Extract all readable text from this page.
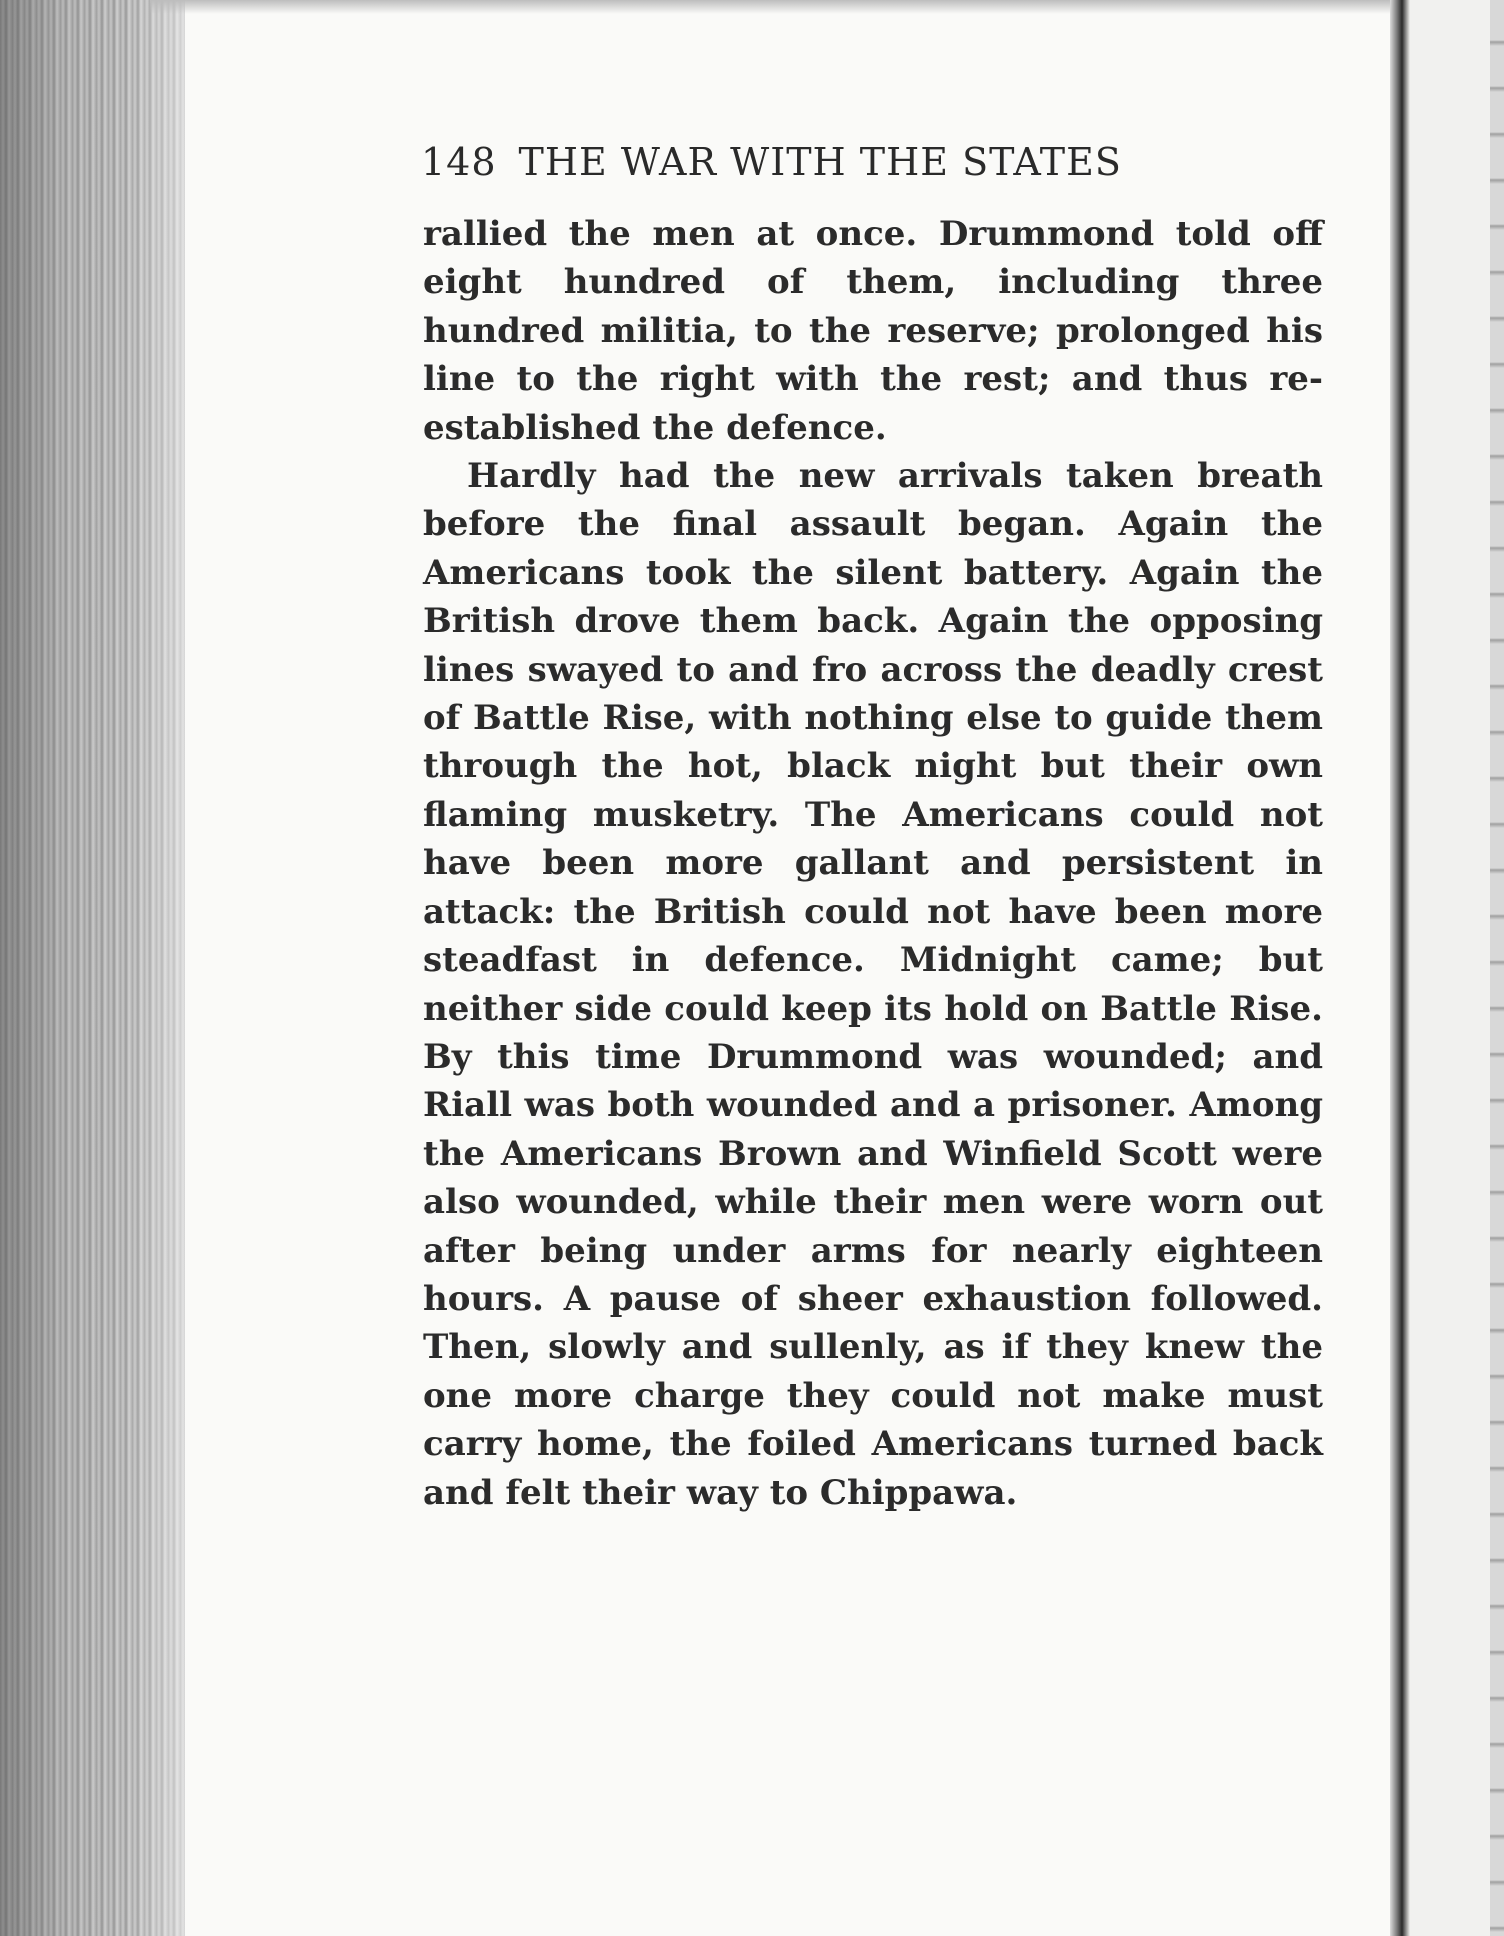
148 THE WAR WITH THE STATES

rallied the men at once. Drummond told off eight hundred of them, including three hundred militia, to the reserve; prolonged his line to the right with the rest; and thus re-established the defence.

Hardly had the new arrivals taken breath before the final assault began. Again the Americans took the silent battery. Again the British drove them back. Again the opposing lines swayed to and fro across the deadly crest of Battle Rise, with nothing else to guide them through the hot, black night but their own flaming musketry. The Americans could not have been more gallant and persistent in attack: the British could not have been more steadfast in defence. Midnight came; but neither side could keep its hold on Battle Rise. By this time Drummond was wounded; and Riall was both wounded and a prisoner. Among the Americans Brown and Winfield Scott were also wounded, while their men were worn out after being under arms for nearly eighteen hours. A pause of sheer exhaustion followed. Then, slowly and sullenly, as if they knew the one more charge they could not make must carry home, the foiled Americans turned back and felt their way to Chippawa.
